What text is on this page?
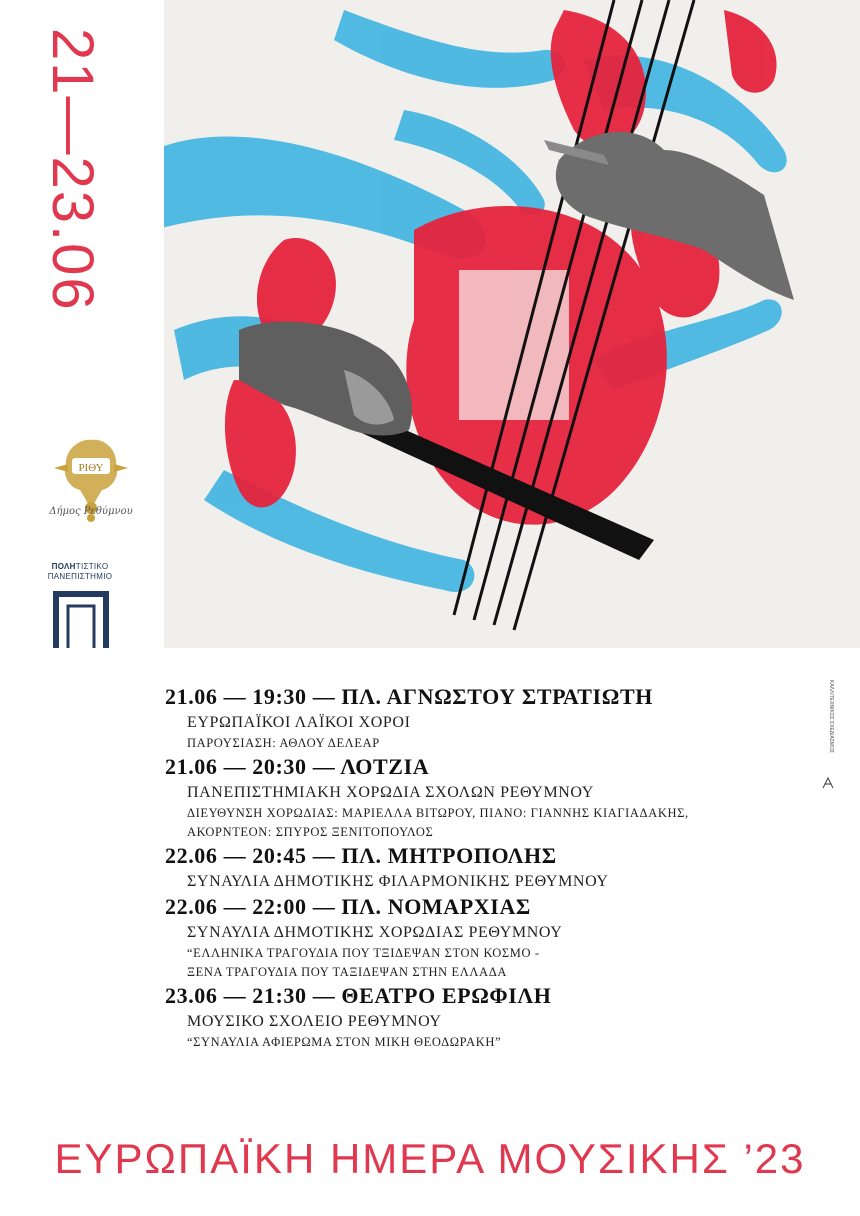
21—23.06
ΡΙΘΥ
Δήμος Ρεθύμνου
ΠΟΛΗΤΙΣΤΙΚΟ
ΠΑΝΕΠΙΣΤΗΜΙΟ
21.06 — 19:30 — ΠΛ. ΑΓΝΩΣΤΟΥ ΣΤΡΑΤΙΩΤΗ
ΕΥΡΩΠΑΪΚΟΙ ΛΑΪΚΟΙ ΧΟΡΟΙ
ΠΑΡΟΥΣΙΑΣΗ: ΑΘΛΟΥ ΔΕΛΕΑΡ
21.06 — 20:30 — ΛΟΤΖΙΑ
ΠΑΝΕΠΙΣΤΗΜΙΑΚΗ ΧΟΡΩΔΙΑ ΣΧΟΛΩΝ ΡΕΘΥΜΝΟΥ
ΔΙΕΥΘΥΝΣΗ ΧΟΡΩΔΙΑΣ: ΜΑΡΙΕΛΛΑ ΒΙΤΩΡΟΥ, ΠΙΑΝΟ: ΓΙΑΝΝΗΣ ΚΙΑΓΙΑΔΑΚΗΣ,
ΑΚΟΡΝΤΕΟΝ: ΣΠΥΡΟΣ ΞΕΝΙΤΟΠΟΥΛΟΣ
22.06 — 20:45 — ΠΛ. ΜΗΤΡΟΠΟΛΗΣ
ΣΥΝΑΥΛΙΑ ΔΗΜΟΤΙΚΗΣ ΦΙΛΑΡΜΟΝΙΚΗΣ ΡΕΘΥΜΝΟΥ
22.06 — 22:00 — ΠΛ. ΝΟΜΑΡΧΙΑΣ
ΣΥΝΑΥΛΙΑ ΔΗΜΟΤΙΚΗΣ ΧΟΡΩΔΙΑΣ ΡΕΘΥΜΝΟΥ
“ΕΛΛΗΝΙΚΑ ΤΡΑΓΟΥΔΙΑ ΠΟΥ ΤΞΙΔΕΨΑΝ ΣΤΟΝ ΚΟΣΜΟ -
ΞΕΝΑ ΤΡΑΓΟΥΔΙΑ ΠΟΥ ΤΑΞΙΔΕΨΑΝ ΣΤΗΝ ΕΛΛΑΔΑ
23.06 — 21:30 — ΘΕΑΤΡΟ ΕΡΩΦΙΛΗ
ΜΟΥΣΙΚΟ ΣΧΟΛΕΙΟ ΡΕΘΥΜΝΟΥ
“ΣΥΝΑΥΛΙΑ ΑΦΙΕΡΩΜΑ ΣΤΟΝ ΜΙΚΗ ΘΕΟΔΩΡΑΚΗ”
ΚΑΛΛΙΤΕΧΝΙΚΟΣ ΣΧΕΔΙΑΣΜΟΣ
ΕΥΡΩΠΑΪΚΗ ΗΜΕΡΑ ΜΟΥΣΙΚΗΣ ’23
